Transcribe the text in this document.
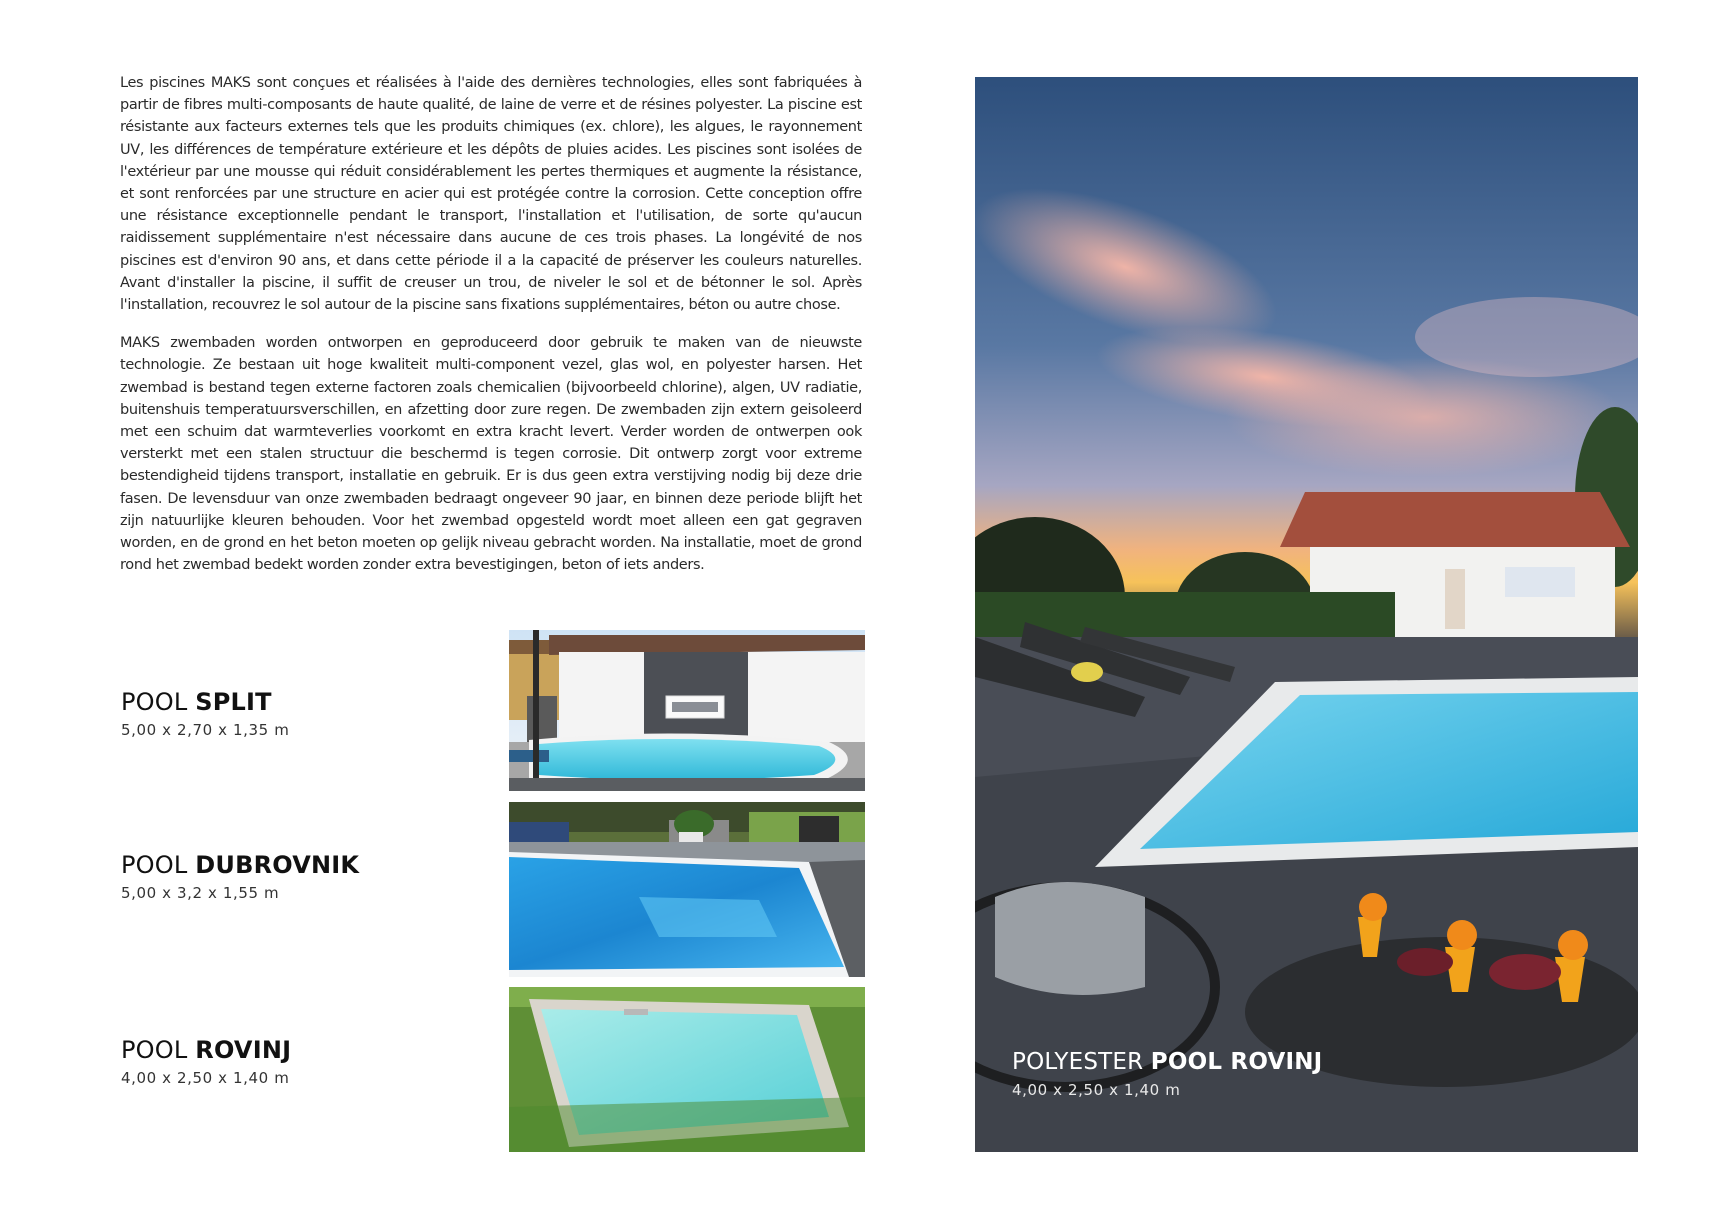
Les piscines MAKS sont conçues et réalisées à l'aide des dernières technologies, elles sont fabriquées à partir de fibres multi-composants de haute qualité, de laine de verre et de résines polyester. La piscine est résistante aux facteurs externes tels que les produits chimiques (ex. chlore), les algues, le rayonnement UV, les différences de température extérieure et les dépôts de pluies acides. Les piscines sont isolées de l'extérieur par une mousse qui réduit considérablement les pertes thermiques et augmente la résistance, et sont renforcées par une structure en acier qui est protégée contre la corrosion. Cette conception offre une résistance exceptionnelle pendant le transport, l'installation et l'utilisation, de sorte qu'aucun raidissement supplémentaire n'est nécessaire dans aucune de ces trois phases. La longévité de nos piscines est d'environ 90 ans, et dans cette période il a la capacité de préserver les couleurs naturelles. Avant d'installer la piscine, il suffit de creuser un trou, de niveler le sol et de bétonner le sol. Après l'installation, recouvrez le sol autour de la piscine sans fixations supplémentaires, béton ou autre chose.

MAKS zwembaden worden ontworpen en geproduceerd door gebruik te maken van de nieuwste technologie. Ze bestaan uit hoge kwaliteit multi-component vezel, glas wol, en polyester harsen. Het zwembad is bestand tegen externe factoren zoals chemicalien (bijvoorbeeld chlorine), algen, UV radiatie, buitenshuis temperatuursverschillen, en afzetting door zure regen. De zwembaden zijn extern geisoleerd met een schuim dat warmteverlies voorkomt en extra kracht levert. Verder worden de ontwerpen ook versterkt met een stalen structuur die beschermd is tegen corrosie. Dit ontwerp zorgt voor extreme bestendigheid tijdens transport, installatie en gebruik. Er is dus geen extra verstijving nodig bij deze drie fasen. De levensduur van onze zwembaden bedraagt ongeveer 90 jaar, en binnen deze periode blijft het zijn natuurlijke kleuren behouden. Voor het zwembad opgesteld wordt moet alleen een gat gegraven worden, en de grond en het beton moeten op gelijk niveau gebracht worden. Na installatie, moet de grond rond het zwembad bedekt worden zonder extra bevestigingen, beton of iets anders.

POOL SPLIT
5,00 x 2,70 x 1,35 m
POOL DUBROVNIK
5,00 x 3,2 x 1,55 m
POOL ROVINJ
4,00 x 2,50 x 1,40 m
POLYESTER POOL ROVINJ
4,00 x 2,50 x 1,40 m
